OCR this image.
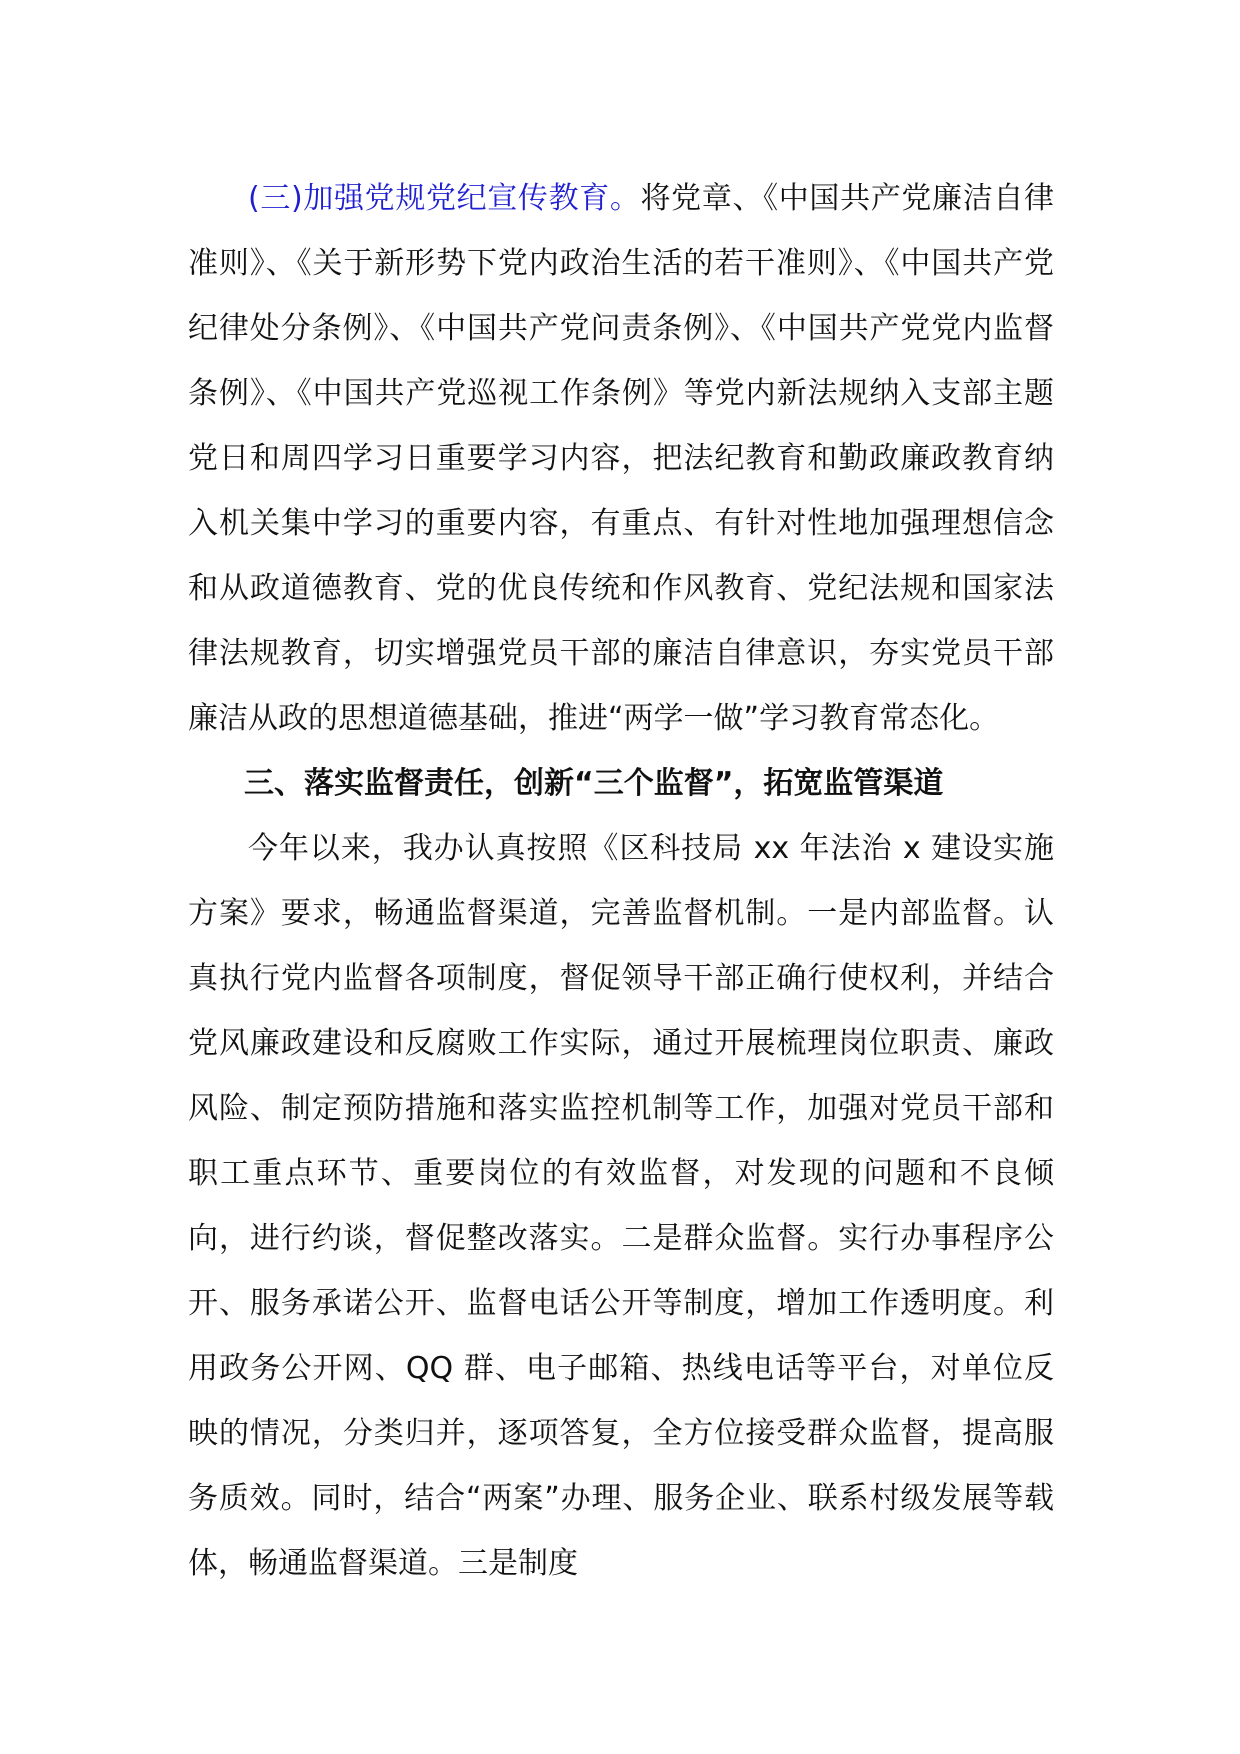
(三)加强党规党纪宣传教育。将党章、《中国共产党廉洁自律准则》、《关于新形势下党内政治生活的若干准则》、《中国共产党纪律处分条例》、《中国共产党问责条例》、《中国共产党党内监督条例》、《中国共产党巡视工作条例》等党内新法规纳入支部主题党日和周四学习日重要学习内容，把法纪教育和勤政廉政教育纳入机关集中学习的重要内容，有重点、有针对性地加强理想信念和从政道德教育、党的优良传统和作风教育、党纪法规和国家法律法规教育，切实增强党员干部的廉洁自律意识，夯实党员干部廉洁从政的思想道德基础，推进“两学一做”学习教育常态化。

三、落实监督责任，创新“三个监督”，拓宽监管渠道

今年以来，我办认真按照《区科技局 xx 年法治 x 建设实施方案》要求，畅通监督渠道，完善监督机制。一是内部监督。认真执行党内监督各项制度，督促领导干部正确行使权利，并结合党风廉政建设和反腐败工作实际，通过开展梳理岗位职责、廉政风险、制定预防措施和落实监控机制等工作，加强对党员干部和职工重点环节、重要岗位的有效监督，对发现的问题和不良倾向，进行约谈，督促整改落实。二是群众监督。实行办事程序公开、服务承诺公开、监督电话公开等制度，增加工作透明度。利用政务公开网、QQ 群、电子邮箱、热线电话等平台，对单位反映的情况，分类归并，逐项答复，全方位接受群众监督，提高服务质效。同时，结合“两案”办理、服务企业、联系村级发展等载体，畅通监督渠道。三是制度
